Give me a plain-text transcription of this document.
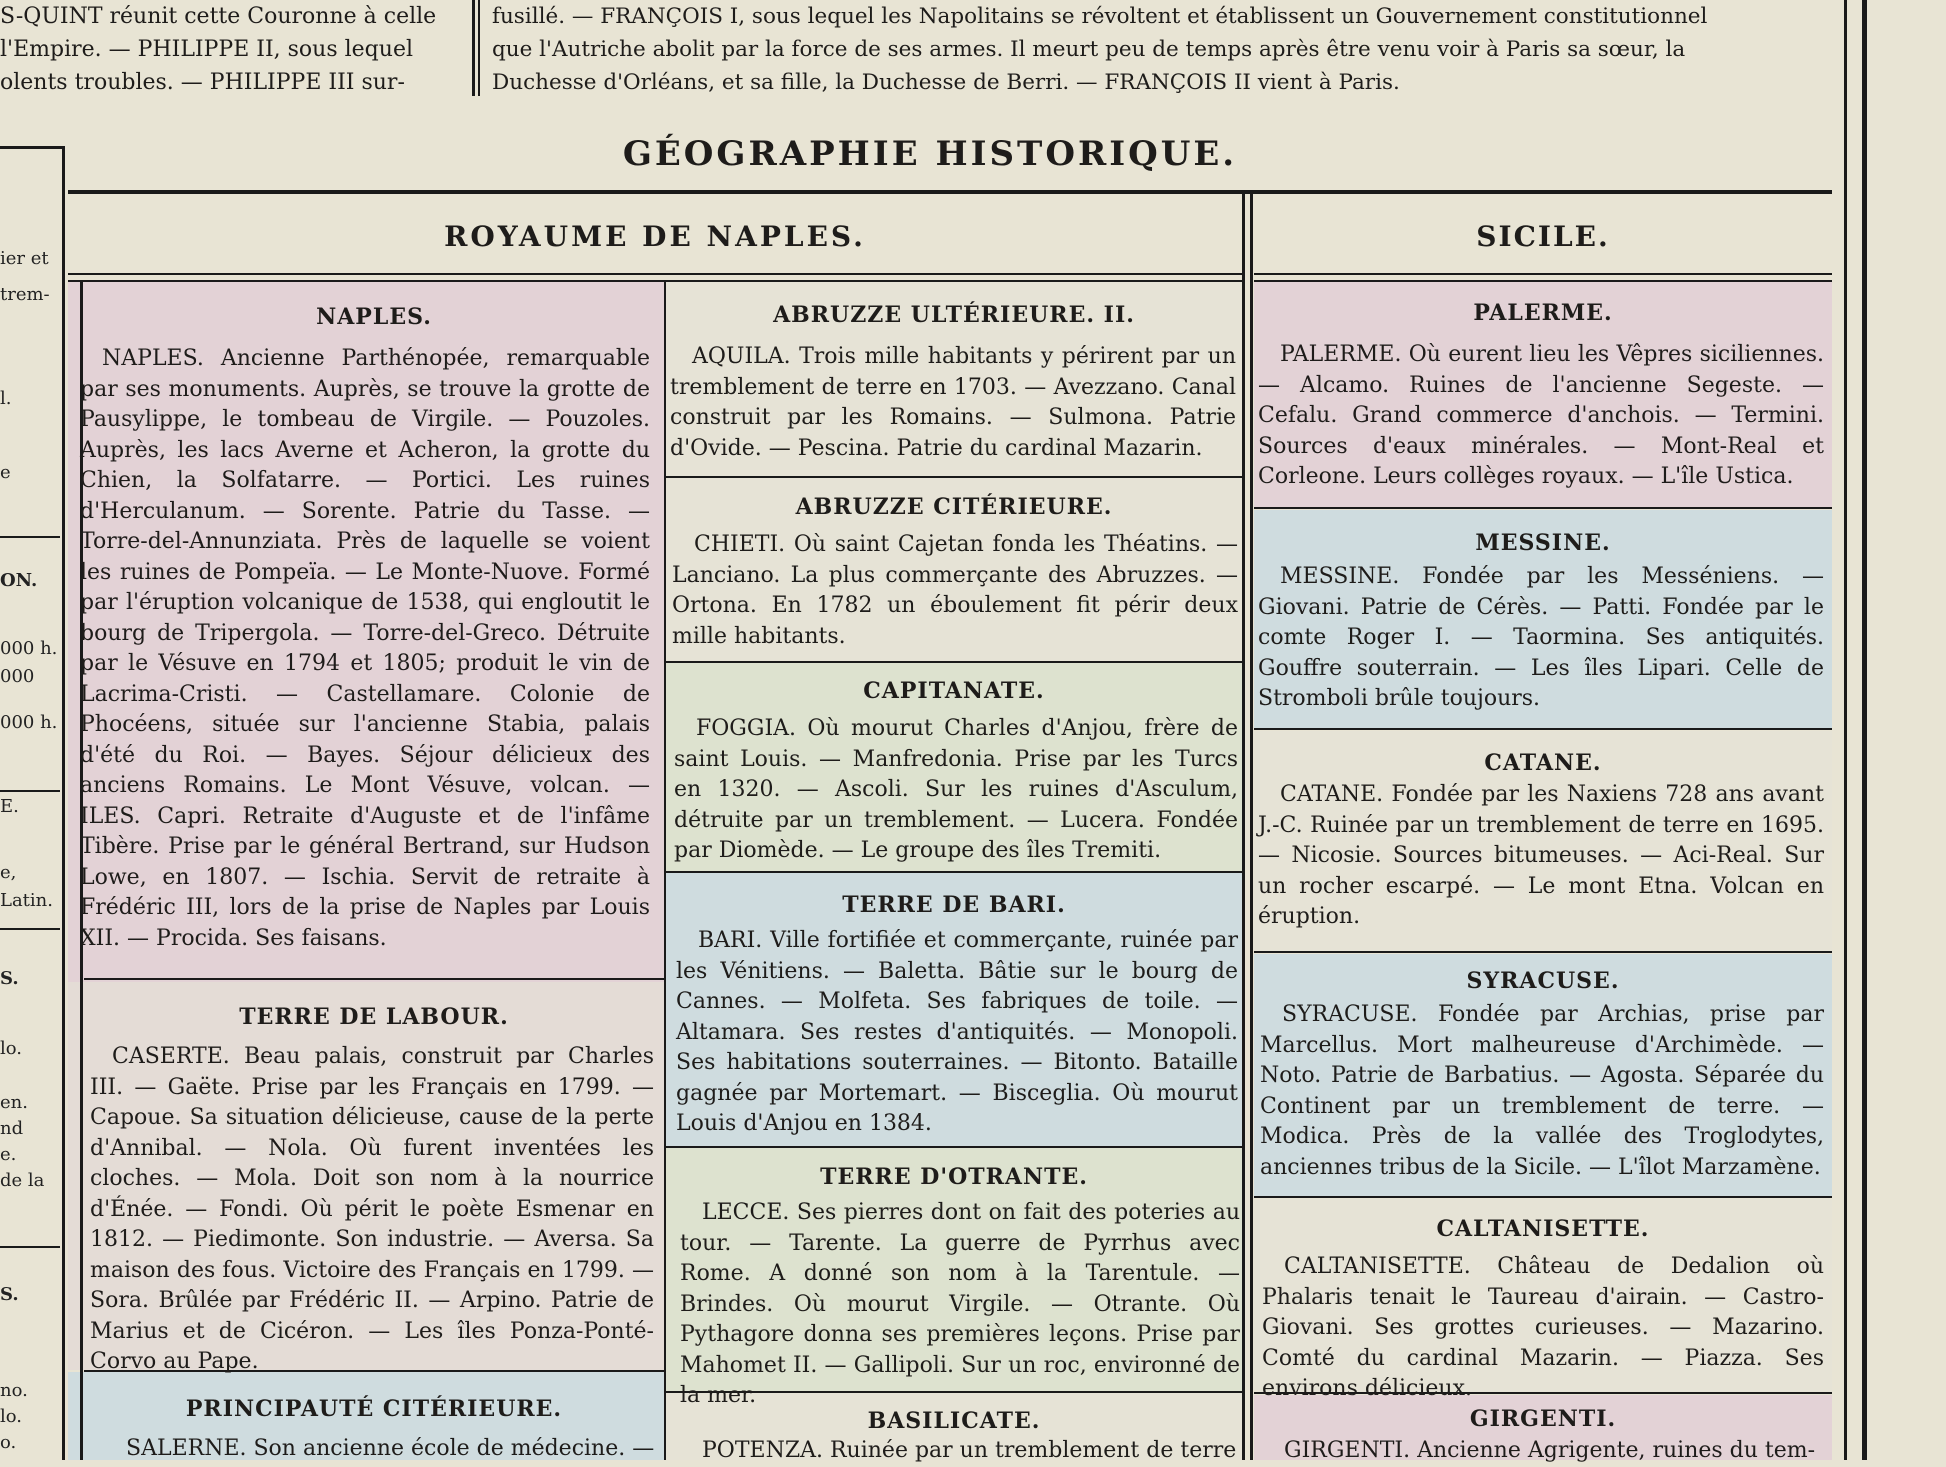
S-QUINT réunit cette Couronne à celle

l'Empire. — PHILIPPE II, sous lequel

olents troubles. — PHILIPPE III sur-

fusillé. — FRANÇOIS I, sous lequel les Napolitains se révoltent et établissent un Gouvernement constitutionnel

que l'Autriche abolit par la force de ses armes. Il meurt peu de temps après être venu voir à Paris sa sœur, la

Duchesse d'Orléans, et sa fille, la Duchesse de Berri. — FRANÇOIS II vient à Paris.

GÉOGRAPHIE HISTORIQUE.
ier et
trem-
l.
e
ON.
000 h.
000
000 h.
E.
e,
Latin.
S.
lo.
en.
nd
e.
de la
S.
no.
lo.
o.
ROYAUME DE NAPLES.	SICILE.
NAPLES.
NAPLES. Ancienne Parthénopée, remarquable par ses monuments. Auprès, se trouve la grotte de Pausylippe, le tombeau de Virgile. — Pouzoles. Auprès, les lacs Averne et Acheron, la grotte du Chien, la Solfatarre. — Portici. Les ruines d'Herculanum. — Sorente. Patrie du Tasse. — Torre-del-Annunziata. Près de laquelle se voient les ruines de Pompeïa. — Le Monte-Nuove. Formé par l'éruption volcanique de 1538, qui engloutit le bourg de Tripergola. — Torre-del-Greco. Détruite par le Vésuve en 1794 et 1805; produit le vin de Lacrima-Cristi. — Castellamare. Colonie de Phocéens, située sur l'ancienne Stabia, palais d'été du Roi. — Bayes. Séjour délicieux des anciens Romains. Le Mont Vésuve, volcan. — ILES. Capri. Retraite d'Auguste et de l'infâme Tibère. Prise par le général Bertrand, sur Hudson Lowe, en 1807. — Ischia. Servit de retraite à Frédéric III, lors de la prise de Naples par Louis XII. — Procida. Ses faisans.
TERRE DE LABOUR.
CASERTE. Beau palais, construit par Charles III. — Gaëte. Prise par les Français en 1799. — Capoue. Sa situation délicieuse, cause de la perte d'Annibal. — Nola. Où furent inventées les cloches. — Mola. Doit son nom à la nourrice d'Énée. — Fondi. Où périt le poète Esmenar en 1812. — Piedimonte. Son industrie. — Aversa. Sa maison des fous. Victoire des Français en 1799. — Sora. Brûlée par Frédéric II. — Arpino. Patrie de Marius et de Cicéron. — Les îles Ponza-Ponté-Corvo au Pape.
PRINCIPAUTÉ CITÉRIEURE.
SALERNE. Son ancienne école de médecine. —
ABRUZZE ULTÉRIEURE. II.
AQUILA. Trois mille habitants y périrent par un tremblement de terre en 1703. — Avezzano. Canal construit par les Romains. — Sulmona. Patrie d'Ovide. — Pescina. Patrie du cardinal Mazarin.
ABRUZZE CITÉRIEURE.
CHIETI. Où saint Cajetan fonda les Théatins. — Lanciano. La plus commerçante des Abruzzes. — Ortona. En 1782 un éboulement fit périr deux mille habitants.
CAPITANATE.
FOGGIA. Où mourut Charles d'Anjou, frère de saint Louis. — Manfredonia. Prise par les Turcs en 1320. — Ascoli. Sur les ruines d'Asculum, détruite par un tremblement. — Lucera. Fondée par Diomède. — Le groupe des îles Tremiti.
TERRE DE BARI.
BARI. Ville fortifiée et commerçante, ruinée par les Vénitiens. — Baletta. Bâtie sur le bourg de Cannes. — Molfeta. Ses fabriques de toile. — Altamara. Ses restes d'antiquités. — Monopoli. Ses habitations souterraines. — Bitonto. Bataille gagnée par Mortemart. — Bisceglia. Où mourut Louis d'Anjou en 1384.
TERRE D'OTRANTE.
LECCE. Ses pierres dont on fait des poteries au tour. — Tarente. La guerre de Pyrrhus avec Rome. A donné son nom à la Tarentule. — Brindes. Où mourut Virgile. — Otrante. Où Pythagore donna ses premières leçons. Prise par Mahomet II. — Gallipoli. Sur un roc, environné de la mer.
BASILICATE.
POTENZA. Ruinée par un tremblement de terre
PALERME.
PALERME. Où eurent lieu les Vêpres siciliennes. — Alcamo. Ruines de l'ancienne Segeste. — Cefalu. Grand commerce d'anchois. — Termini. Sources d'eaux minérales. — Mont-Real et Corleone. Leurs collèges royaux. — L'île Ustica.
MESSINE.
MESSINE. Fondée par les Messéniens. — Giovani. Patrie de Cérès. — Patti. Fondée par le comte Roger I. — Taormina. Ses antiquités. Gouffre souterrain. — Les îles Lipari. Celle de Stromboli brûle toujours.
CATANE.
CATANE. Fondée par les Naxiens 728 ans avant J.-C. Ruinée par un tremblement de terre en 1695. — Nicosie. Sources bitumeuses. — Aci-Real. Sur un rocher escarpé. — Le mont Etna. Volcan en éruption.
SYRACUSE.
SYRACUSE. Fondée par Archias, prise par Marcellus. Mort malheureuse d'Archimède. — Noto. Patrie de Barbatius. — Agosta. Séparée du Continent par un tremblement de terre. — Modica. Près de la vallée des Troglodytes, anciennes tribus de la Sicile. — L'îlot Marzamène.
CALTANISETTE.
CALTANISETTE. Château de Dedalion où Phalaris tenait le Taureau d'airain. — Castro-Giovani. Ses grottes curieuses. — Mazarino. Comté du cardinal Mazarin. — Piazza. Ses environs délicieux.
GIRGENTI.
GIRGENTI. Ancienne Agrigente, ruines du tem-
